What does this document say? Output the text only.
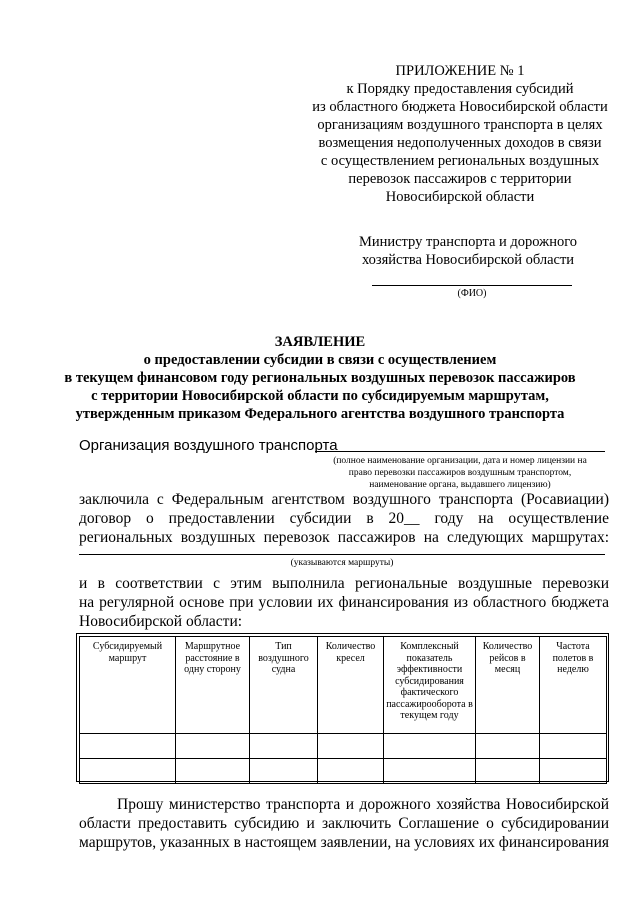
ПРИЛОЖЕНИЕ № 1
к Порядку предоставления субсидий
из областного бюджета Новосибирской области
организациям воздушного транспорта в целях
возмещения недополученных доходов в связи
с осуществлением региональных воздушных
перевозок пассажиров с территории
Новосибирской области
Министру транспорта и дорожного
хозяйства Новосибирской области
(ФИО)
ЗАЯВЛЕНИЕ
о предоставлении субсидии в связи с осуществлением
в текущем финансовом году региональных воздушных перевозок пассажиров
с территории Новосибирской области по субсидируемым маршрутам,
утвержденным приказом Федерального агентства воздушного транспорта
Организация воздушного транспорта
(полное наименование организации, дата и номер лицензии на
право перевозки пассажиров воздушным транспортом,
наименование органа, выдавшего лицензию)
заключила с Федеральным агентством воздушного транспорта (Росавиации)
договор о предоставлении субсидии в 20__ году на осуществление
региональных воздушных перевозок пассажиров на следующих маршрутах:
(указываются маршруты)
и в соответствии с этим выполнила региональные воздушные перевозки
на регулярной основе при условии их финансирования из областного бюджета
Новосибирской области:
Субсидируемый маршрут	Маршрутное расстояние в одну сторону	Тип воздушного судна	Количество кресел	Комплексный показатель эффективности субсидирования фактического пассажирооборота в текущем году	Количество рейсов в месяц	Частота полетов в неделю

Прошу министерство транспорта и дорожного хозяйства Новосибирской
области предоставить субсидию и заключить Соглашение о субсидировании
маршрутов, указанных в настоящем заявлении, на условиях их финансирования
